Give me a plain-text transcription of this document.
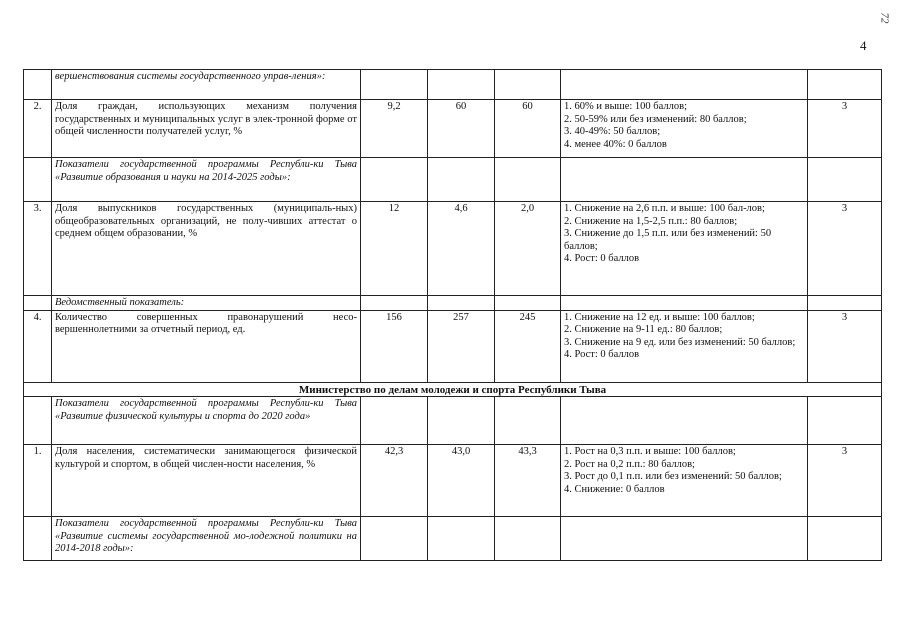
72
4
	вершенствования системы государственного управ-ления»:					
2.	Доля граждан, использующих механизм получения государственных и муниципальных услуг в элек-тронной форме от общей численности получателей услуг, %	9,2	60	60	1. 60% и выше: 100 баллов;
2. 50-59% или без изменений: 80 баллов;
3. 40-49%: 50 баллов;
4. менее 40%: 0 баллов	3
	Показатели государственной программы Республи-ки Тыва «Развитие образования и науки на 2014-2025 годы»:					
3.	Доля выпускников государственных (муниципаль-ных) общеобразовательных организаций, не полу-чивших аттестат о среднем общем образовании, %	12	4,6	2,0	1. Снижение на 2,6 п.п. и выше: 100 бал-лов;
2. Снижение на 1,5-2,5 п.п.: 80 баллов;
3. Снижение до 1,5 п.п. или без изменений: 50 баллов;
4. Рост: 0 баллов	3
	Ведомственный показатель:					
4.	Количество совершенных правонарушений несо-вершеннолетними за отчетный период, ед.	156	257	245	1. Снижение на 12 ед. и выше: 100 баллов;
2. Снижение на 9-11 ед.: 80 баллов;
3. Снижение на 9 ед. или без изменений: 50 баллов;
4. Рост: 0 баллов	3
Министерство по делам молодежи и спорта Республики Тыва						
	Показатели государственной программы Республи-ки Тыва «Развитие физической культуры и спорта до 2020 года»					
1.	Доля населения, систематически занимающегося физической культурой и спортом, в общей числен-ности населения, %	42,3	43,0	43,3	1. Рост на 0,3 п.п. и выше: 100 баллов;
2. Рост на 0,2 п.п.: 80 баллов;
3. Рост до 0,1 п.п. или без изменений: 50 баллов;
4. Снижение: 0 баллов	3
	Показатели государственной программы Республи-ки Тыва «Развитие системы государственной мо-лодежной политики на 2014-2018 годы»:					
